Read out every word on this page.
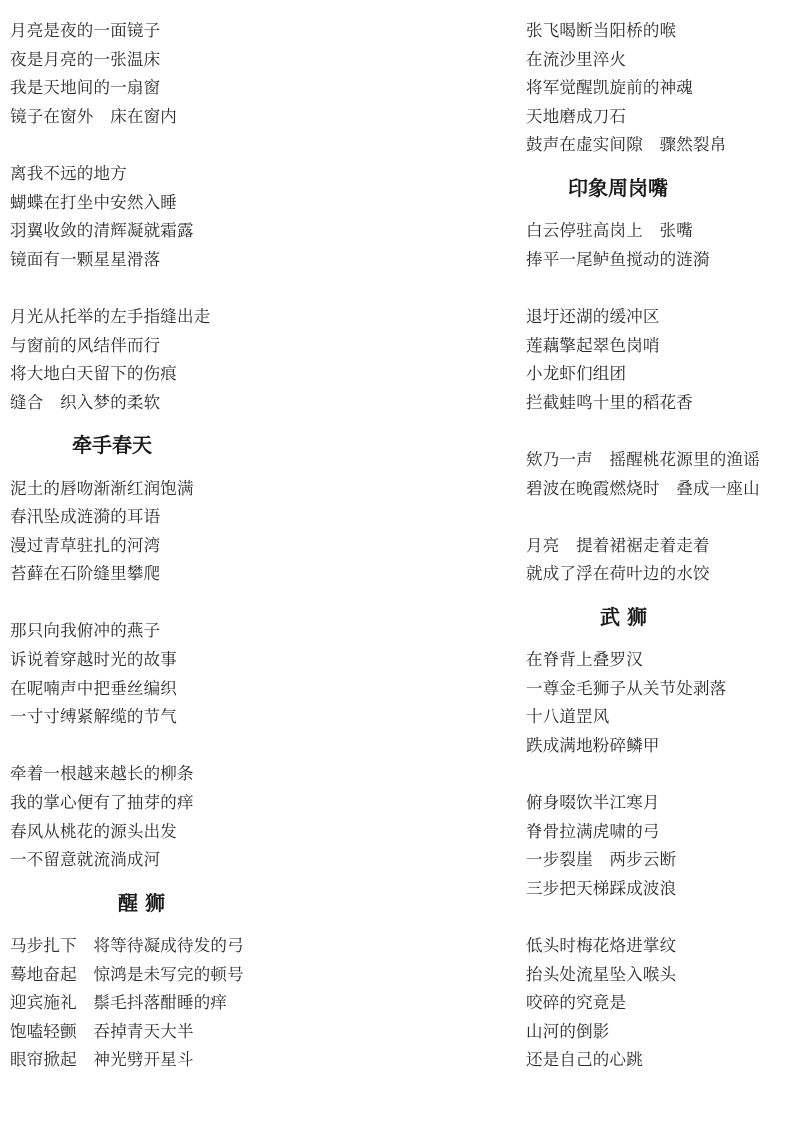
月亮是夜的一面镜子
夜是月亮的一张温床
我是天地间的一扇窗
镜子在窗外　床在窗内
离我不远的地方
蝴蝶在打坐中安然入睡
羽翼收敛的清辉凝就霜露
镜面有一颗星星滑落
月光从托举的左手指缝出走
与窗前的风结伴而行
将大地白天留下的伤痕
缝合　织入梦的柔软
牵手春天
泥土的唇吻渐渐红润饱满
春汛坠成涟漪的耳语
漫过青草驻扎的河湾
苔藓在石阶缝里攀爬
那只向我俯冲的燕子
诉说着穿越时光的故事
在呢喃声中把垂丝编织
一寸寸缚紧解缆的节气
牵着一根越来越长的柳条
我的掌心便有了抽芽的痒
春风从桃花的源头出发
一不留意就流淌成河
醒 狮
马步扎下　将等待凝成待发的弓
蓦地奋起　惊鸿是未写完的顿号
迎宾施礼　鬃毛抖落酣睡的痒
饱嗑轻颤　吞掉青天大半
眼帘掀起　神光劈开星斗
张飞喝断当阳桥的喉
在流沙里淬火
将军觉醒凯旋前的神魂
天地磨成刀石
鼓声在虚实间隙　骤然裂帛
印象周岗嘴
白云停驻高岗上　张嘴
捧平一尾鲈鱼搅动的涟漪
退圩还湖的缓冲区
莲藕擎起翠色岗哨
小龙虾们组团
拦截蛙鸣十里的稻花香
欸乃一声　摇醒桃花源里的渔谣
碧波在晚霞燃烧时　叠成一座山
月亮　提着裙裾走着走着
就成了浮在荷叶边的水饺
武 狮
在脊背上叠罗汉
一尊金毛狮子从关节处剥落
十八道罡风
跌成满地粉碎鳞甲
俯身啜饮半江寒月
脊骨拉满虎啸的弓
一步裂崖　两步云断
三步把天梯踩成波浪
低头时梅花烙进掌纹
抬头处流星坠入喉头
咬碎的究竟是
山河的倒影
还是自己的心跳
